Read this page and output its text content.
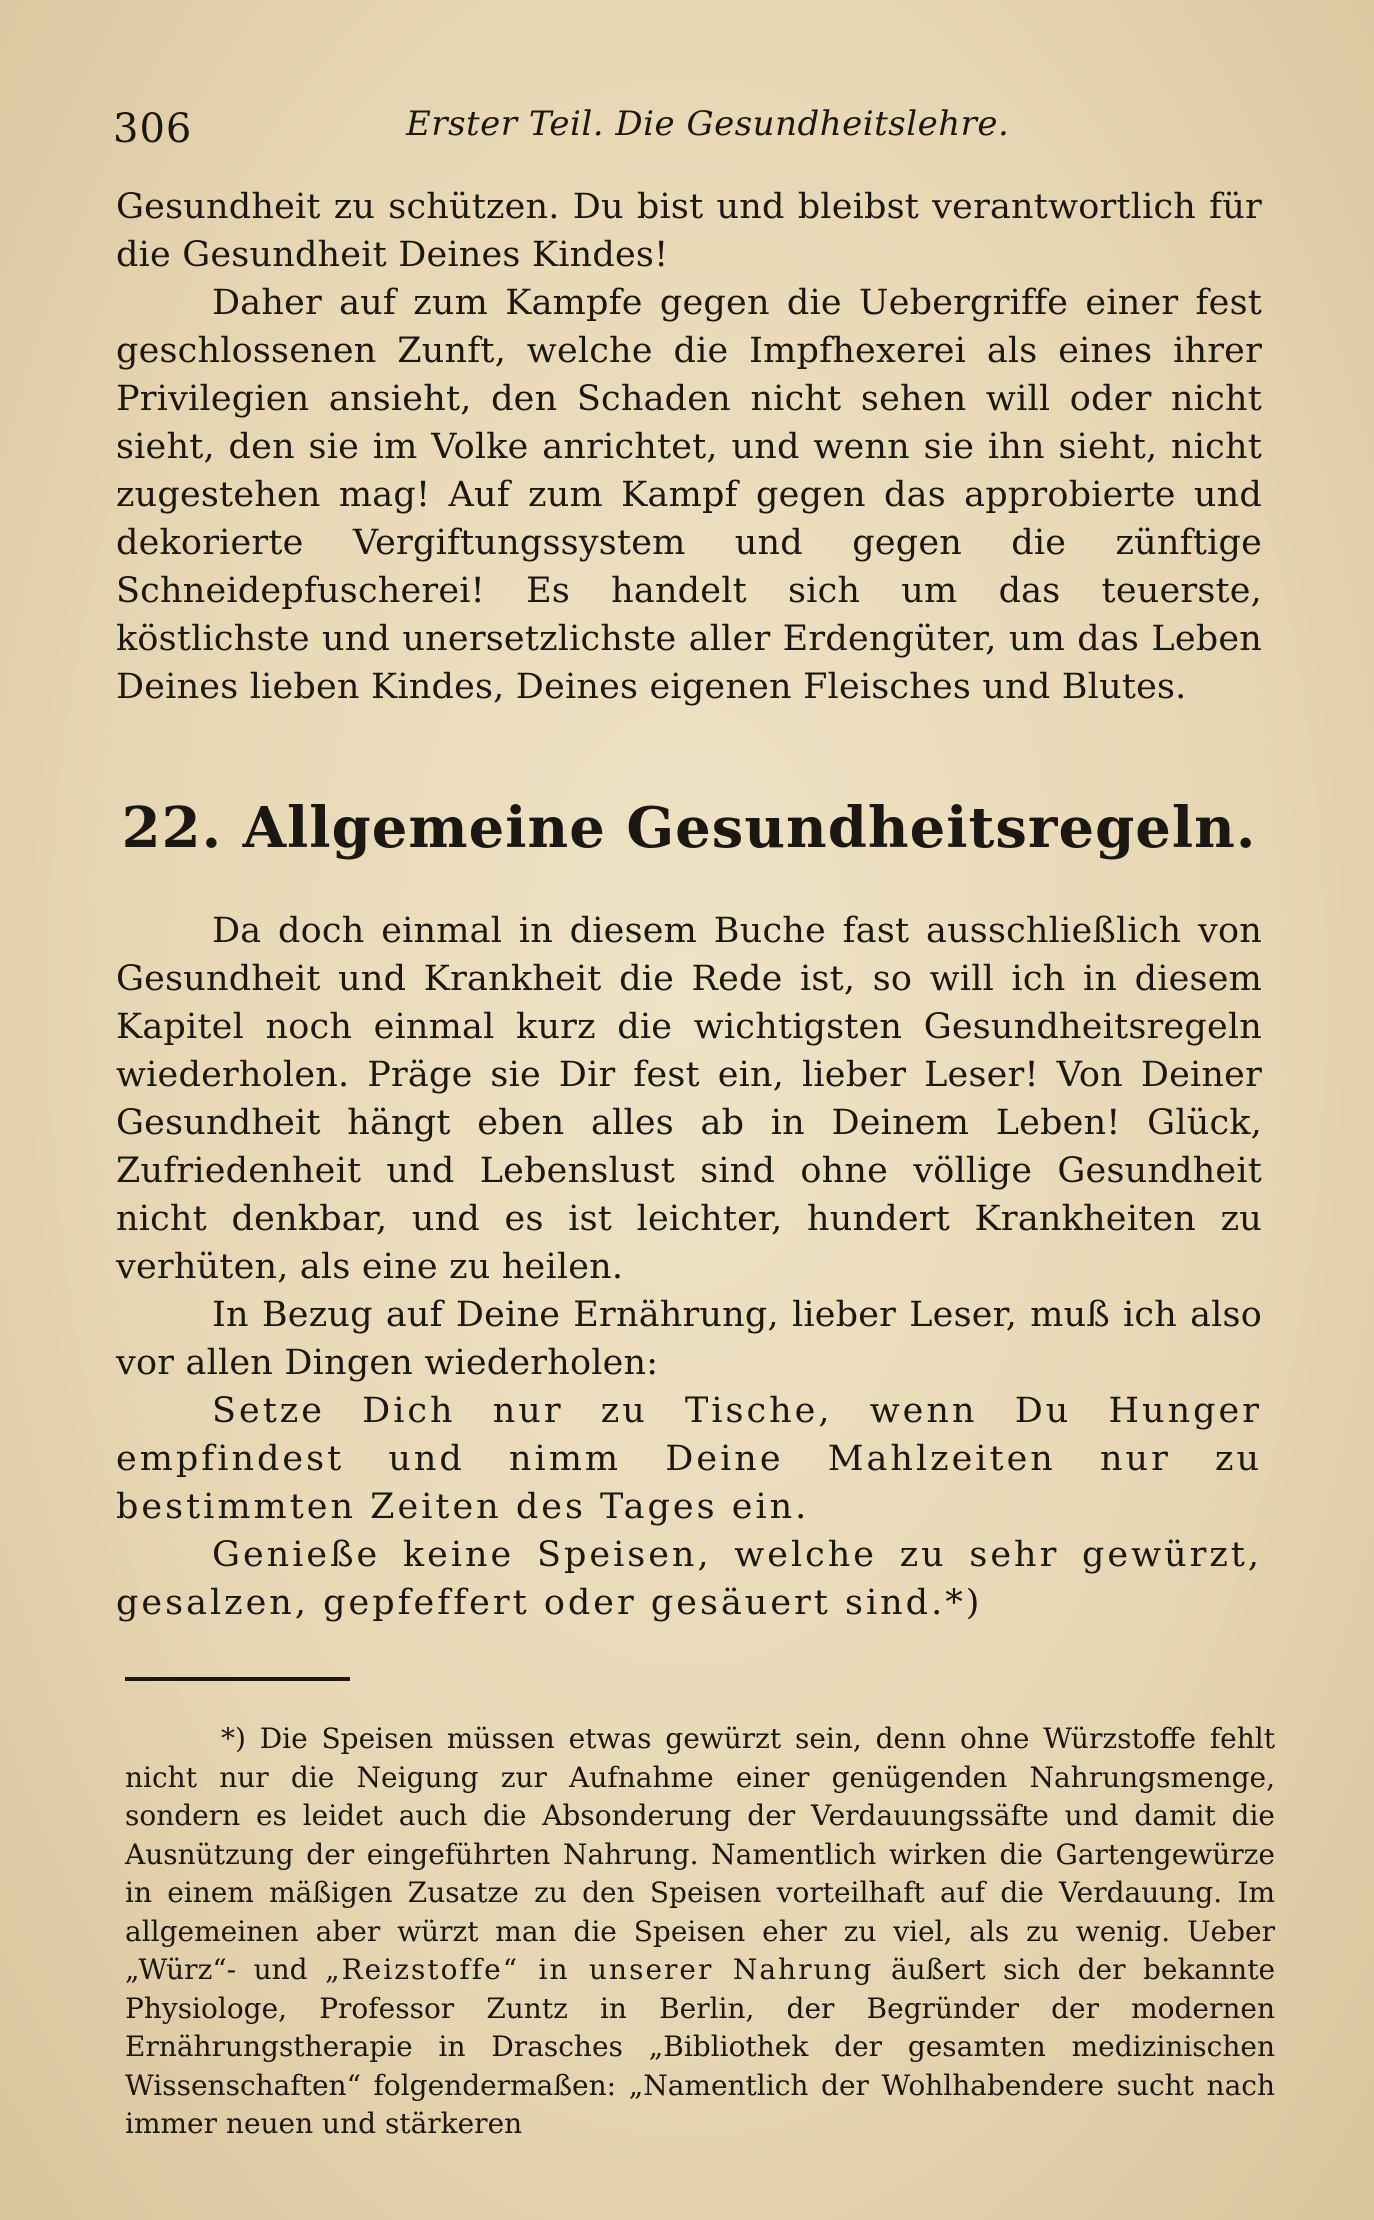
306	Erster Teil. Die Gesundheitslehre.

Gesundheit zu schützen. Du bist und bleibst verantwortlich für die Gesundheit Deines Kindes!

Daher auf zum Kampfe gegen die Uebergriffe einer fest geschlossenen Zunft, welche die Impfhexerei als eines ihrer Privilegien ansieht, den Schaden nicht sehen will oder nicht sieht, den sie im Volke anrichtet, und wenn sie ihn sieht, nicht zugestehen mag! Auf zum Kampf gegen das approbierte und dekorierte Vergiftungssystem und gegen die zünftige Schneidepfuscherei! Es handelt sich um das teuerste, köstlichste und unersetzlichste aller Erdengüter, um das Leben Deines lieben Kindes, Deines eigenen Fleisches und Blutes.

22. Allgemeine Gesundheitsregeln.

Da doch einmal in diesem Buche fast ausschließlich von Gesundheit und Krankheit die Rede ist, so will ich in diesem Kapitel noch einmal kurz die wichtigsten Gesundheitsregeln wiederholen. Präge sie Dir fest ein, lieber Leser! Von Deiner Gesundheit hängt eben alles ab in Deinem Leben! Glück, Zufriedenheit und Lebenslust sind ohne völlige Gesundheit nicht denkbar, und es ist leichter, hundert Krankheiten zu verhüten, als eine zu heilen.

In Bezug auf Deine Ernährung, lieber Leser, muß ich also vor allen Dingen wiederholen:

Setze Dich nur zu Tische, wenn Du Hunger empfindest und nimm Deine Mahlzeiten nur zu bestimmten Zeiten des Tages ein.

Genieße keine Speisen, welche zu sehr gewürzt, gesalzen, gepfeffert oder gesäuert sind.*)

*) Die Speisen müssen etwas gewürzt sein, denn ohne Würzstoffe fehlt nicht nur die Neigung zur Aufnahme einer genügenden Nahrungsmenge, sondern es leidet auch die Absonderung der Verdauungssäfte und damit die Ausnützung der eingeführten Nahrung. Namentlich wirken die Gartengewürze in einem mäßigen Zusatze zu den Speisen vorteilhaft auf die Verdauung. Im allgemeinen aber würzt man die Speisen eher zu viel, als zu wenig. Ueber „Würz“- und „Reizstoffe“ in unserer Nahrung äußert sich der bekannte Physiologe, Professor Zuntz in Berlin, der Begründer der modernen Ernährungstherapie in Drasches „Bibliothek der gesamten medizinischen Wissenschaften“ folgendermaßen: „Namentlich der Wohlhabendere sucht nach immer neuen und stärkeren
